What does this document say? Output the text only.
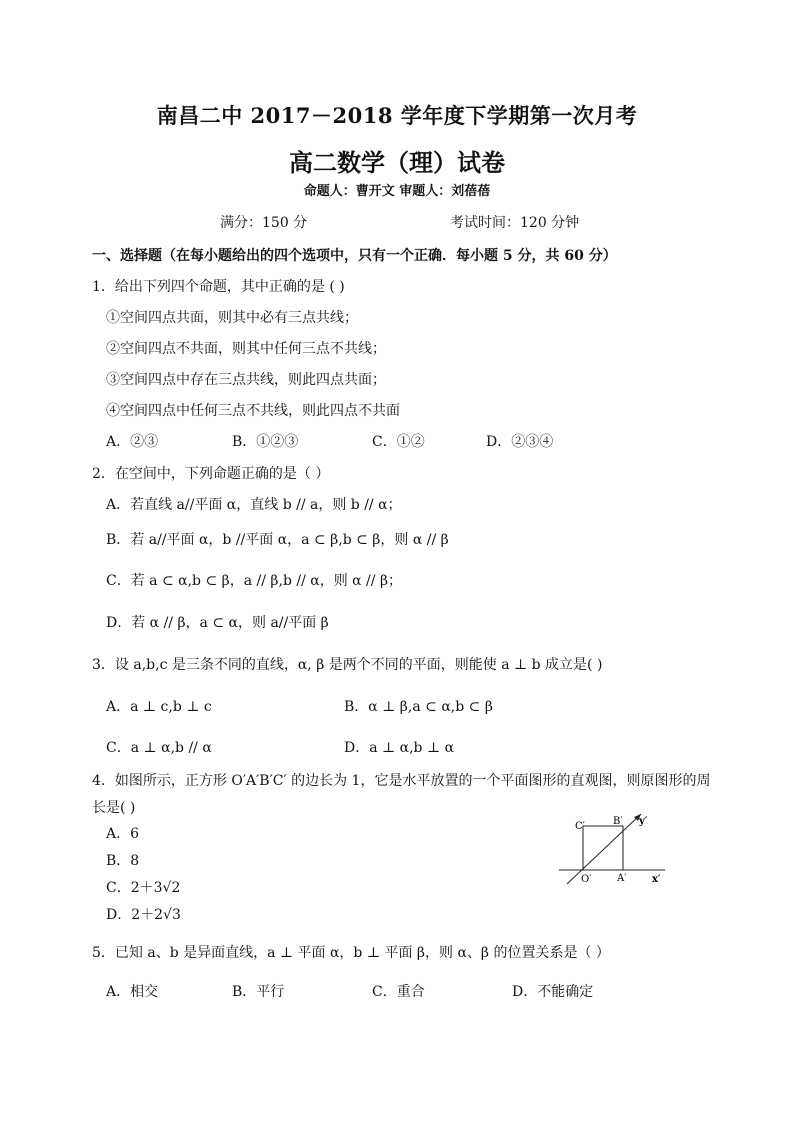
南昌二中 2017－2018 学年度下学期第一次月考
高二数学（理）试卷
命题人：曹开文 审题人：刘蓓蓓
满分：150 分	考试时间：120 分钟
一、选择题（在每小题给出的四个选项中，只有一个正确．每小题 5 分，共 60 分）
1．给出下列四个命题，其中正确的是 ( )
①空间四点共面，则其中必有三点共线；
②空间四点不共面，则其中任何三点不共线；
③空间四点中存在三点共线，则此四点共面；
④空间四点中任何三点不共线，则此四点不共面
A．②③	B．①②③	C．①②	D．②③④
2．在空间中，下列命题正确的是（ ）
A．若直线 a//平面 α，直线 b // a，则 b // α；
B．若 a//平面 α，b //平面 α，a ⊂ β,b ⊂ β，则 α // β
C．若 a ⊂ α,b ⊂ β，a // β,b // α，则 α // β；
D．若 α // β，a ⊂ α，则 a//平面 β
3．设 a,b,c 是三条不同的直线，α, β 是两个不同的平面，则能使 a ⊥ b 成立是( )
A．a ⊥ c,b ⊥ c	B．α ⊥ β,a ⊂ α,b ⊂ β
C．a ⊥ α,b // α	D．a ⊥ α,b ⊥ α
4．如图所示，正方形 O′A′B′C′ 的边长为 1，它是水平放置的一个平面图形的直观图，则原图形的周
长是( )
A．6
B．8
C．2＋3√2
D．2＋2√3
C′	B′ y′
O′	A′	x′
5．已知 a、b 是异面直线，a ⊥ 平面 α，b ⊥ 平面 β，则 α、β 的位置关系是（ ）
A．相交	B．平行	C．重合	D．不能确定
